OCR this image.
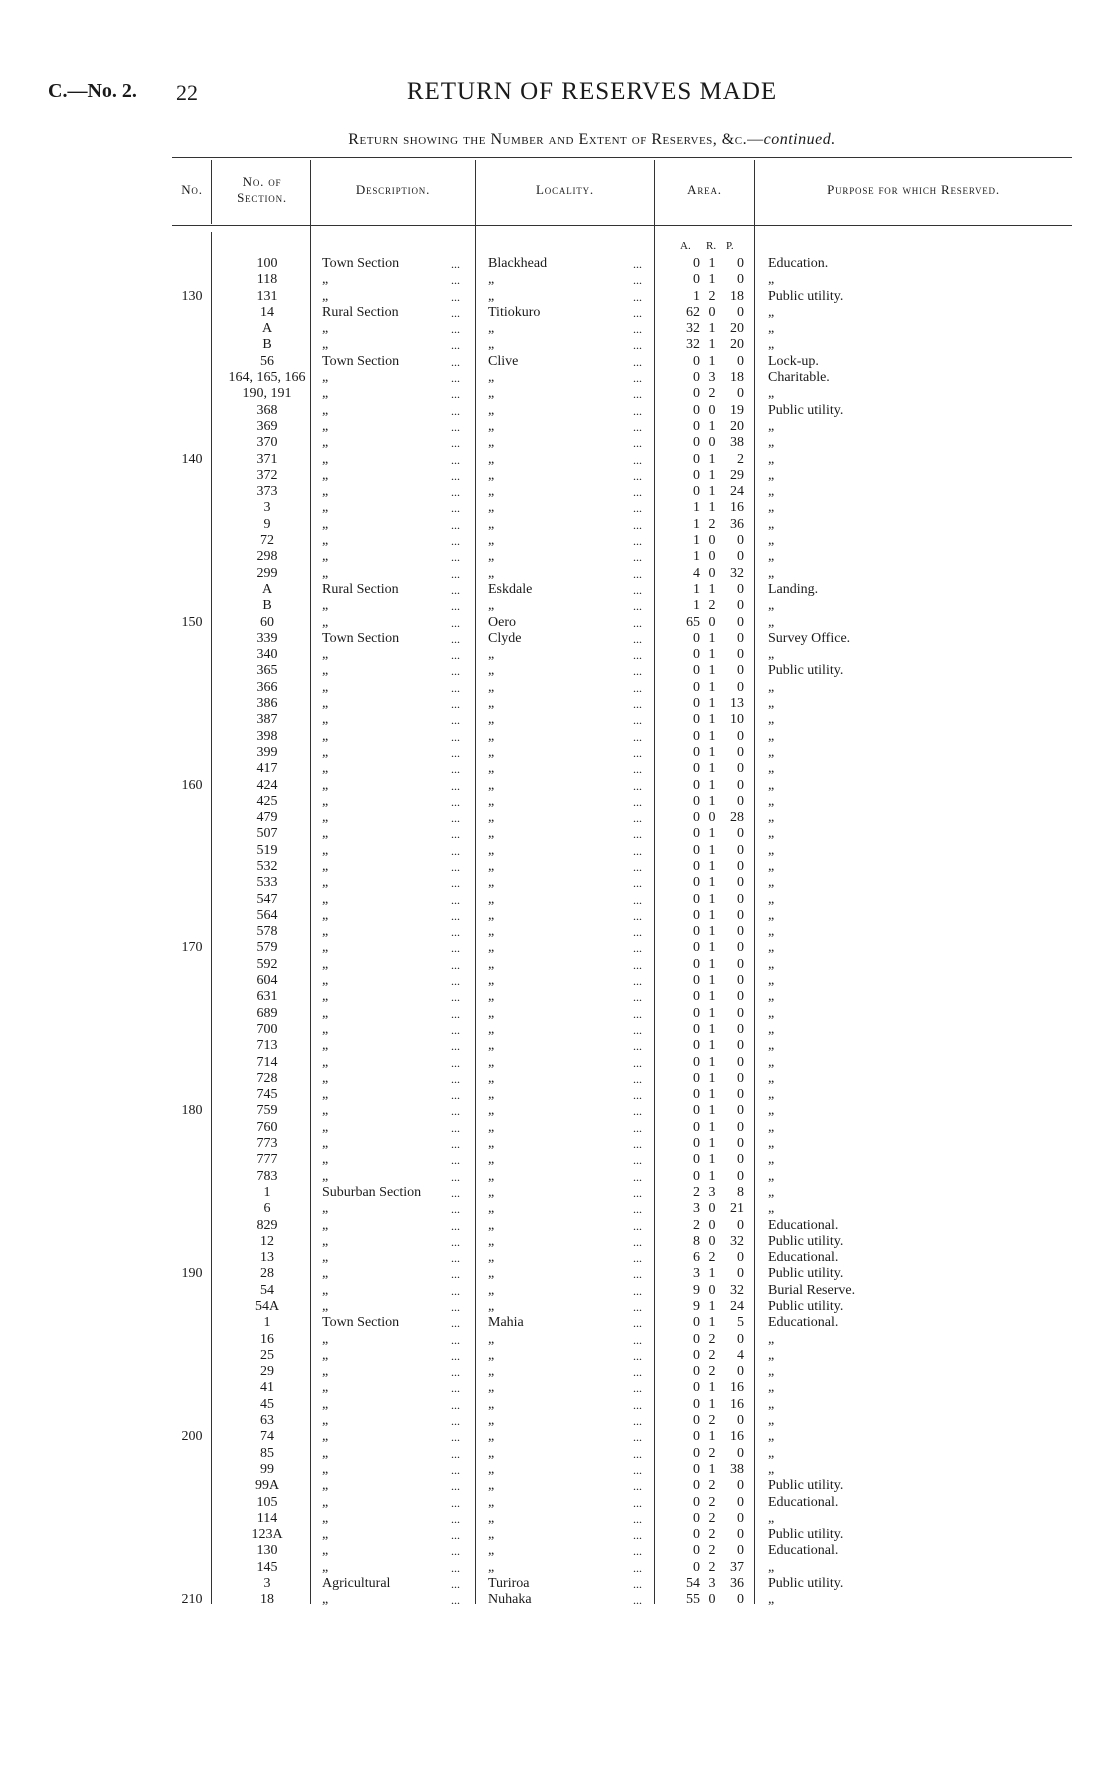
C.—No. 2. 22	RETURN OF RESERVES MADE
Return showing the Number and Extent of Reserves, &c.—continued.
No.
No. of Section.
Description.	Locality.	Area.	Purpose for which Reserved.
A. R. P.
100	Town Section	... Blackhead	...	0 1	0 Education.
118	„	... „	...	0 1	0 „
130	131	„	... „	...	1 2	18 Public utility.
14	Rural Section	... Titiokuro	...	62 0	0 „
A	„	... „	...	32 1	20 „
B	„	... „	...	32 1	20 „
56	Town Section	... Clive	...	0 1	0 Lock-up.
164, 165, 166	„	... „	...	0 3	18 Charitable.
190, 191	„	... „	...	0 2	0 „
368	„	... „	...	0 0	19 Public utility.
369	„	... „	...	0 1	20 „
370	„	... „	...	0 0	38 „
140	371	„	... „	...	0 1	2 „
372	„	... „	...	0 1	29 „
373	„	... „	...	0 1	24 „
3	„	... „	...	1 1	16 „
9	„	... „	...	1 2	36 „
72	„	... „	...	1 0	0 „
298	„	... „	...	1 0	0 „
299	„	... „	...	4 0	32 „
A	Rural Section	... Eskdale	...	1 1	0 Landing.
B	„	... „	...	1 2	0 „
150	60	„	... Oero	...	65 0	0 „
339	Town Section	... Clyde	...	0 1	0 Survey Office.
340	„	... „	...	0 1	0 „
365	„	... „	...	0 1	0 Public utility.
366	„	... „	...	0 1	0 „
386	„	... „	...	0 1	13 „
387	„	... „	...	0 1	10 „
398	„	... „	...	0 1	0 „
399	„	... „	...	0 1	0 „
417	„	... „	...	0 1	0 „
160	424	„	... „	...	0 1	0 „
425	„	... „	...	0 1	0 „
479	„	... „	...	0 0	28 „
507	„	... „	...	0 1	0 „
519	„	... „	...	0 1	0 „
532	„	... „	...	0 1	0 „
533	„	... „	...	0 1	0 „
547	„	... „	...	0 1	0 „
564	„	... „	...	0 1	0 „
578	„	... „	...	0 1	0 „
170	579	„	... „	...	0 1	0 „
592	„	... „	...	0 1	0 „
604	„	... „	...	0 1	0 „
631	„	... „	...	0 1	0 „
689	„	... „	...	0 1	0 „
700	„	... „	...	0 1	0 „
713	„	... „	...	0 1	0 „
714	„	... „	...	0 1	0 „
728	„	... „	...	0 1	0 „
745	„	... „	...	0 1	0 „
180	759	„	... „	...	0 1	0 „
760	„	... „	...	0 1	0 „
773	„	... „	...	0 1	0 „
777	„	... „	...	0 1	0 „
783	„	... „	...	0 1	0 „
1	Suburban Section ... „	...	2 3	8 „
6	„	... „	...	3 0	21 „
829	„	... „	...	2 0	0 Educational.
12	„	... „	...	8 0	32 Public utility.
13	„	... „	...	6 2	0 Educational.
190	28	„	... „	...	3 1	0 Public utility.
54	„	... „	...	9 0	32 Burial Reserve.
54A	„	... „	...	9 1	24 Public utility.
1	Town Section	... Mahia	...	0 1	5 Educational.
16	„	... „	...	0 2	0 „
25	„	... „	...	0 2	4 „
29	„	... „	...	0 2	0 „
41	„	... „	...	0 1	16 „
45	„	... „	...	0 1	16 „
63	„	... „	...	0 2	0 „
200	74	„	... „	...	0 1	16 „
85	„	... „	...	0 2	0 „
99	„	... „	...	0 1	38 „
99A	„	... „	...	0 2	0 Public utility.
105	„	... „	...	0 2	0 Educational.
114	„	... „	...	0 2	0 „
123A	„	... „	...	0 2	0 Public utility.
130	„	... „	...	0 2	0 Educational.
145	„	... „	...	0 2	37 „
3	Agricultural	... Turiroa	...	54 3	36 Public utility.
210	18	„	... Nuhaka	...	55 0	0 „
